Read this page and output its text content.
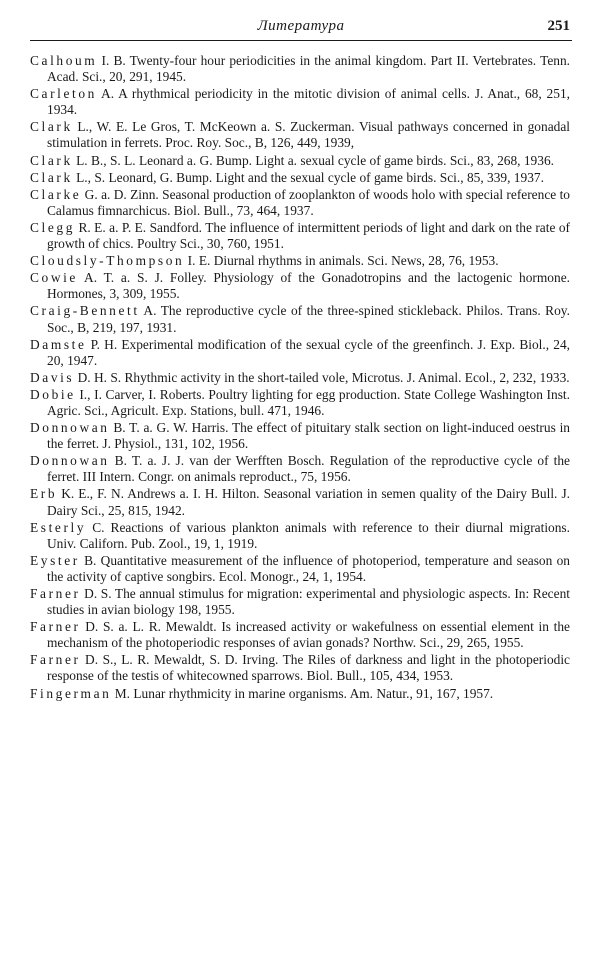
Литература	251

Calhoum I. B. Twenty-four hour periodicities in the animal kingdom. Part II. Vertebrates. Tenn. Acad. Sci., 20, 291, 1945.

Carleton A. A rhythmical periodicity in the mitotic division of animal cells. J. Anat., 68, 251, 1934.

Clark L., W. E. Le Gros, T. McKeown a. S. Zuckerman. Visual pathways concerned in gonadal stimulation in ferrets. Proc. Roy. Soc., B, 126, 449, 1939,

Clark L. B., S. L. Leonard a. G. Bump. Light a. sexual cycle of game birds. Sci., 83, 268, 1936.

Clark L., S. Leonard, G. Bump. Light and the sexual cycle of game birds. Sci., 85, 339, 1937.

Clarke G. a. D. Zinn. Seasonal production of zooplankton of woods holo with special reference to Calamus fimnarchicus. Biol. Bull., 73, 464, 1937.

Clegg R. E. a. P. E. Sandford. The influence of intermittent periods of light and dark on the rate of growth of chics. Poultry Sci., 30, 760, 1951.

Cloudsly-Thompson I. E. Diurnal rhythms in animals. Sci. News, 28, 76, 1953.

Cowie A. T. a. S. J. Folley. Physiology of the Gonadotropins and the lactogenic hormone. Hormones, 3, 309, 1955.

Craig-Bennett A. The reproductive cycle of the three-spined stickleback. Philos. Trans. Roy. Soc., B, 219, 197, 1931.

Damste P. H. Experimental modification of the sexual cycle of the greenfinch. J. Exp. Biol., 24, 20, 1947.

Davis D. H. S. Rhythmic activity in the short-tailed vole, Microtus. J. Animal. Ecol., 2, 232, 1933.

Dobie I., I. Carver, I. Roberts. Poultry lighting for egg production. State College Washington Inst. Agric. Sci., Agricult. Exp. Stations, bull. 471, 1946.

Donnowan B. T. a. G. W. Harris. The effect of pituitary stalk section on light-induced oestrus in the ferret. J. Physiol., 131, 102, 1956.

Donnowan B. T. a. J. J. van der Werfften Bosch. Regulation of the reproductive cycle of the ferret. III Intern. Congr. on animals reproduct., 75, 1956.

Erb K. E., F. N. Andrews a. I. H. Hilton. Seasonal variation in semen quality of the Dairy Bull. J. Dairy Sci., 25, 815, 1942.

Esterly C. Reactions of various plankton animals with reference to their diurnal migrations. Univ. Californ. Pub. Zool., 19, 1, 1919.

Eyster B. Quantitative measurement of the influence of photoperiod, temperature and season on the activity of captive songbirs. Ecol. Monogr., 24, 1, 1954.

Farner D. S. The annual stimulus for migration: experimental and physiologic aspects. In: Recent studies in avian biology 198, 1955.

Farner D. S. a. L. R. Mewaldt. Is increased activity or wakefulness on essential element in the mechanism of the photoperiodic responses of avian gonads? Northw. Sci., 29, 265, 1955.

Farner D. S., L. R. Mewaldt, S. D. Irving. The Riles of darkness and light in the photoperiodic response of the testis of whitecowned sparrows. Biol. Bull., 105, 434, 1953.

Fingerman M. Lunar rhythmicity in marine organisms. Am. Natur., 91, 167, 1957.
